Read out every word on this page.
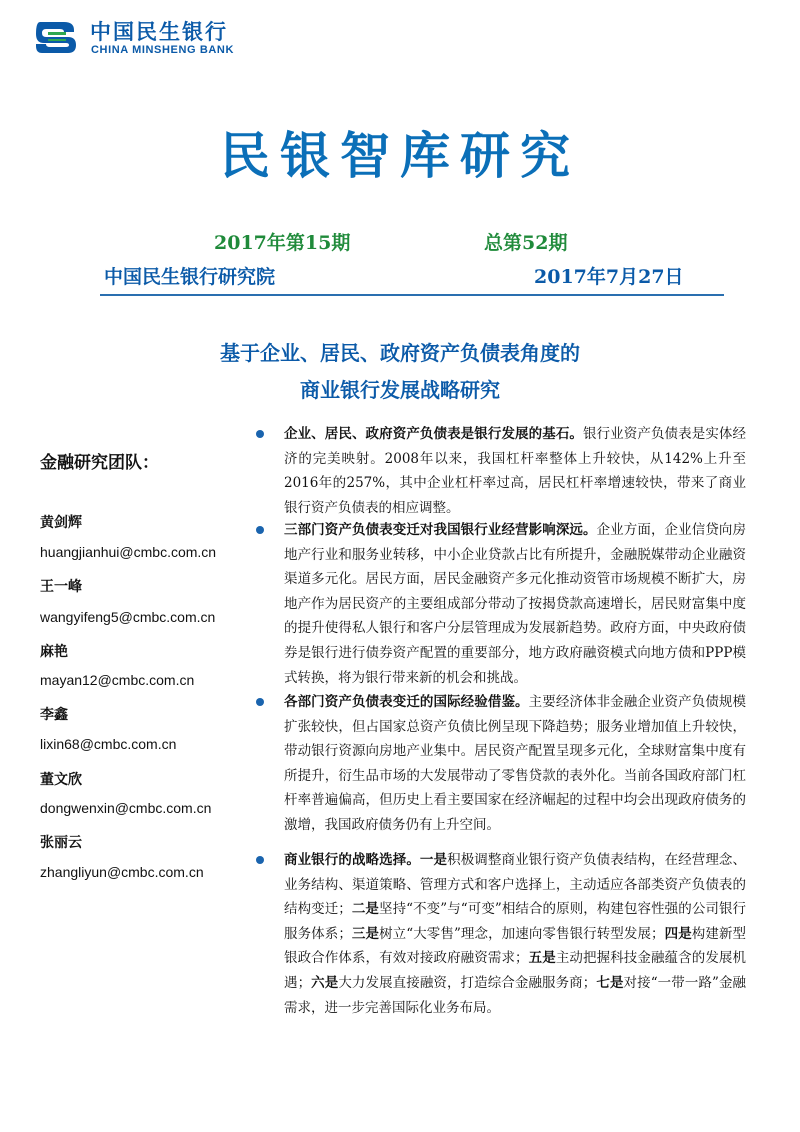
中国民生银行
CHINA MINSHENG BANK
民银智库研究
2017年第15期	总第52期
中国民生银行研究院	2017年7月27日
基于企业、居民、政府资产负债表角度的
商业银行发展战略研究
金融研究团队：
黄剑辉
huangjianhui@cmbc.com.cn
王一峰
wangyifeng5@cmbc.com.cn
麻艳
mayan12@cmbc.com.cn
李鑫
lixin68@cmbc.com.cn
董文欣
dongwenxin@cmbc.com.cn
张丽云
zhangliyun@cmbc.com.cn
企业、居民、政府资产负债表是银行发展的基石。银行业资产负债表是实体经济的完美映射。2008年以来，我国杠杆率整体上升较快，从142%上升至2016年的257%，其中企业杠杆率过高，居民杠杆率增速较快，带来了商业银行资产负债表的相应调整。
三部门资产负债表变迁对我国银行业经营影响深远。企业方面，企业信贷向房地产行业和服务业转移，中小企业贷款占比有所提升，金融脱媒带动企业融资渠道多元化。居民方面，居民金融资产多元化推动资管市场规模不断扩大，房地产作为居民资产的主要组成部分带动了按揭贷款高速增长，居民财富集中度的提升使得私人银行和客户分层管理成为发展新趋势。政府方面，中央政府债券是银行进行债券资产配置的重要部分，地方政府融资模式向地方债和PPP模式转换，将为银行带来新的机会和挑战。
各部门资产负债表变迁的国际经验借鉴。主要经济体非金融企业资产负债规模扩张较快，但占国家总资产负债比例呈现下降趋势；服务业增加值上升较快，带动银行资源向房地产业集中。居民资产配置呈现多元化，全球财富集中度有所提升，衍生品市场的大发展带动了零售贷款的表外化。当前各国政府部门杠杆率普遍偏高，但历史上看主要国家在经济崛起的过程中均会出现政府债务的激增，我国政府债务仍有上升空间。
商业银行的战略选择。一是积极调整商业银行资产负债表结构，在经营理念、业务结构、渠道策略、管理方式和客户选择上，主动适应各部类资产负债表的结构变迁；二是坚持“不变”与“可变”相结合的原则，构建包容性强的公司银行服务体系；三是树立“大零售”理念，加速向零售银行转型发展；四是构建新型银政合作体系，有效对接政府融资需求；五是主动把握科技金融蕴含的发展机遇；六是大力发展直接融资，打造综合金融服务商；七是对接“一带一路”金融需求，进一步完善国际化业务布局。
